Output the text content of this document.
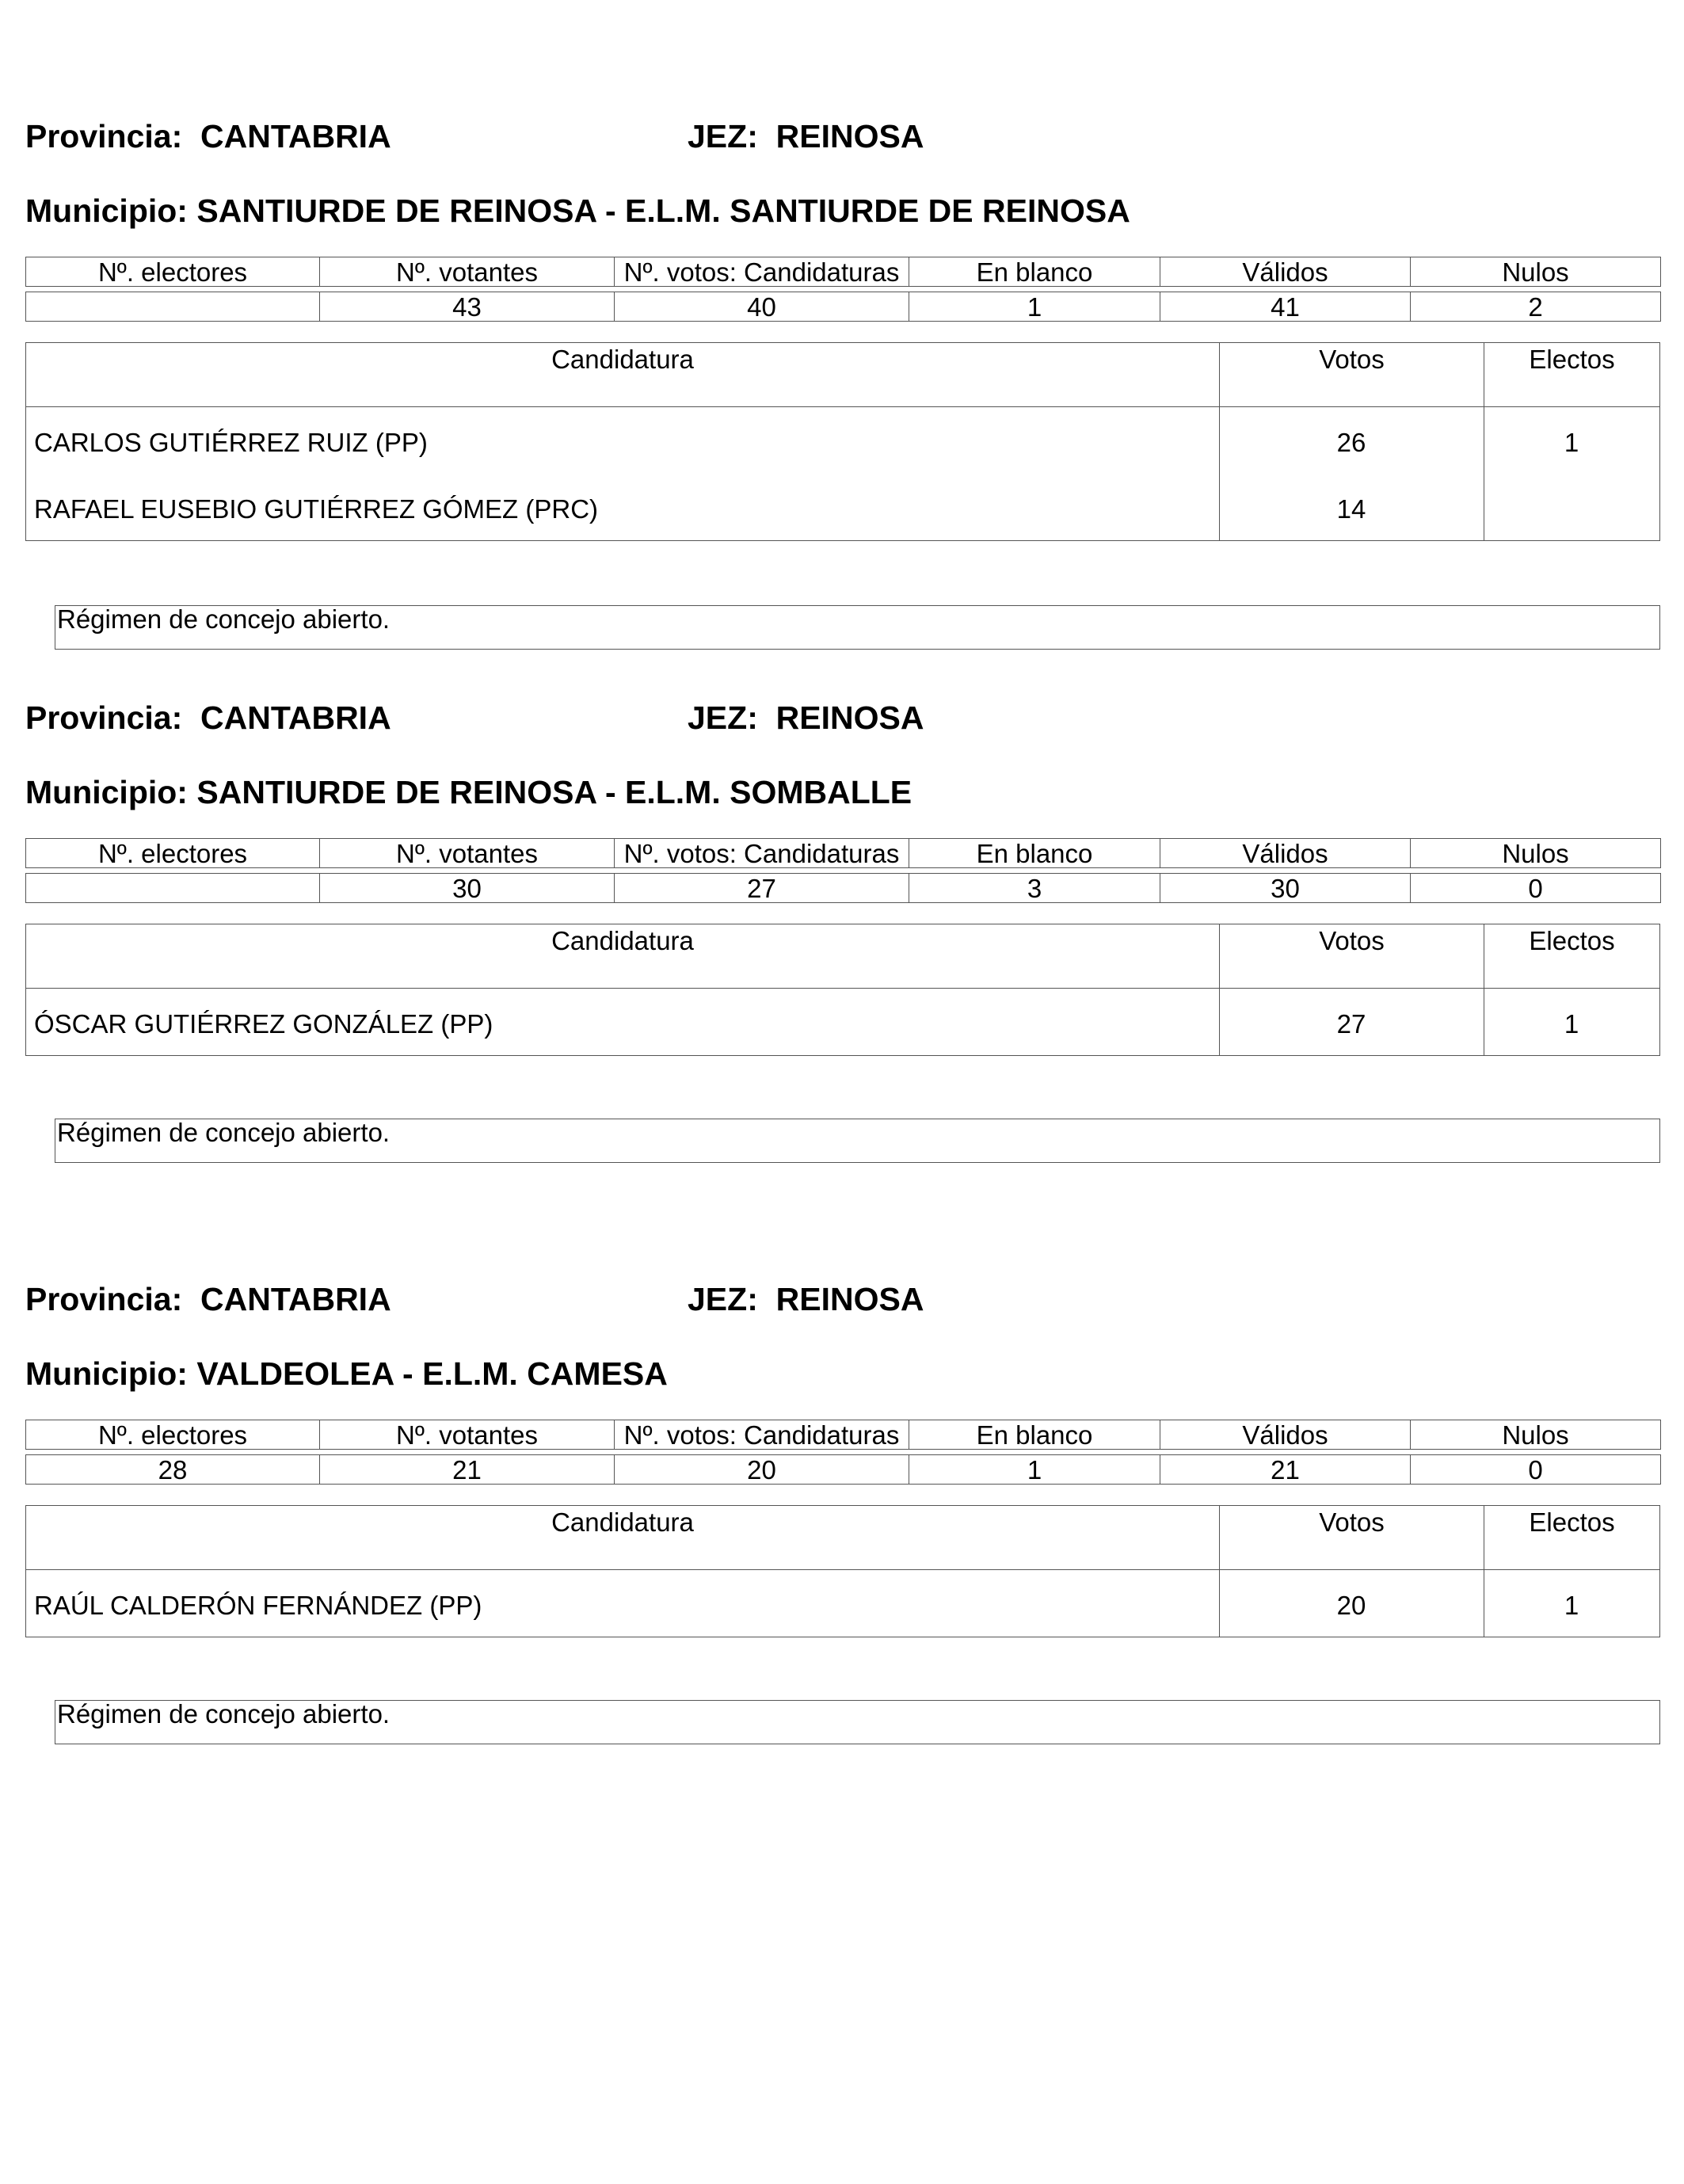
Provincia: CANTABRIA	JEZ: REINOSA
Municipio: SANTIURDE DE REINOSA - E.L.M. SANTIURDE DE REINOSA
Nº. electores	Nº. votantes	Nº. votos: Candidaturas	En blanco	Válidos	Nulos

	43	40	1	41	2
Candidatura	Votos	Electos
CARLOS GUTIÉRREZ RUIZ (PP)	26	1
RAFAEL EUSEBIO GUTIÉRREZ GÓMEZ (PRC)	14
Régimen de concejo abierto.
Provincia: CANTABRIA	JEZ: REINOSA
Municipio: SANTIURDE DE REINOSA - E.L.M. SOMBALLE
Nº. electores	Nº. votantes	Nº. votos: Candidaturas	En blanco	Válidos	Nulos

	30	27	3	30	0
Candidatura	Votos	Electos
ÓSCAR GUTIÉRREZ GONZÁLEZ (PP)	27	1
Régimen de concejo abierto.
Provincia: CANTABRIA	JEZ: REINOSA
Municipio: VALDEOLEA - E.L.M. CAMESA
Nº. electores	Nº. votantes	Nº. votos: Candidaturas	En blanco	Válidos	Nulos

28	21	20	1	21	0
Candidatura	Votos	Electos
RAÚL CALDERÓN FERNÁNDEZ (PP)	20	1
Régimen de concejo abierto.
